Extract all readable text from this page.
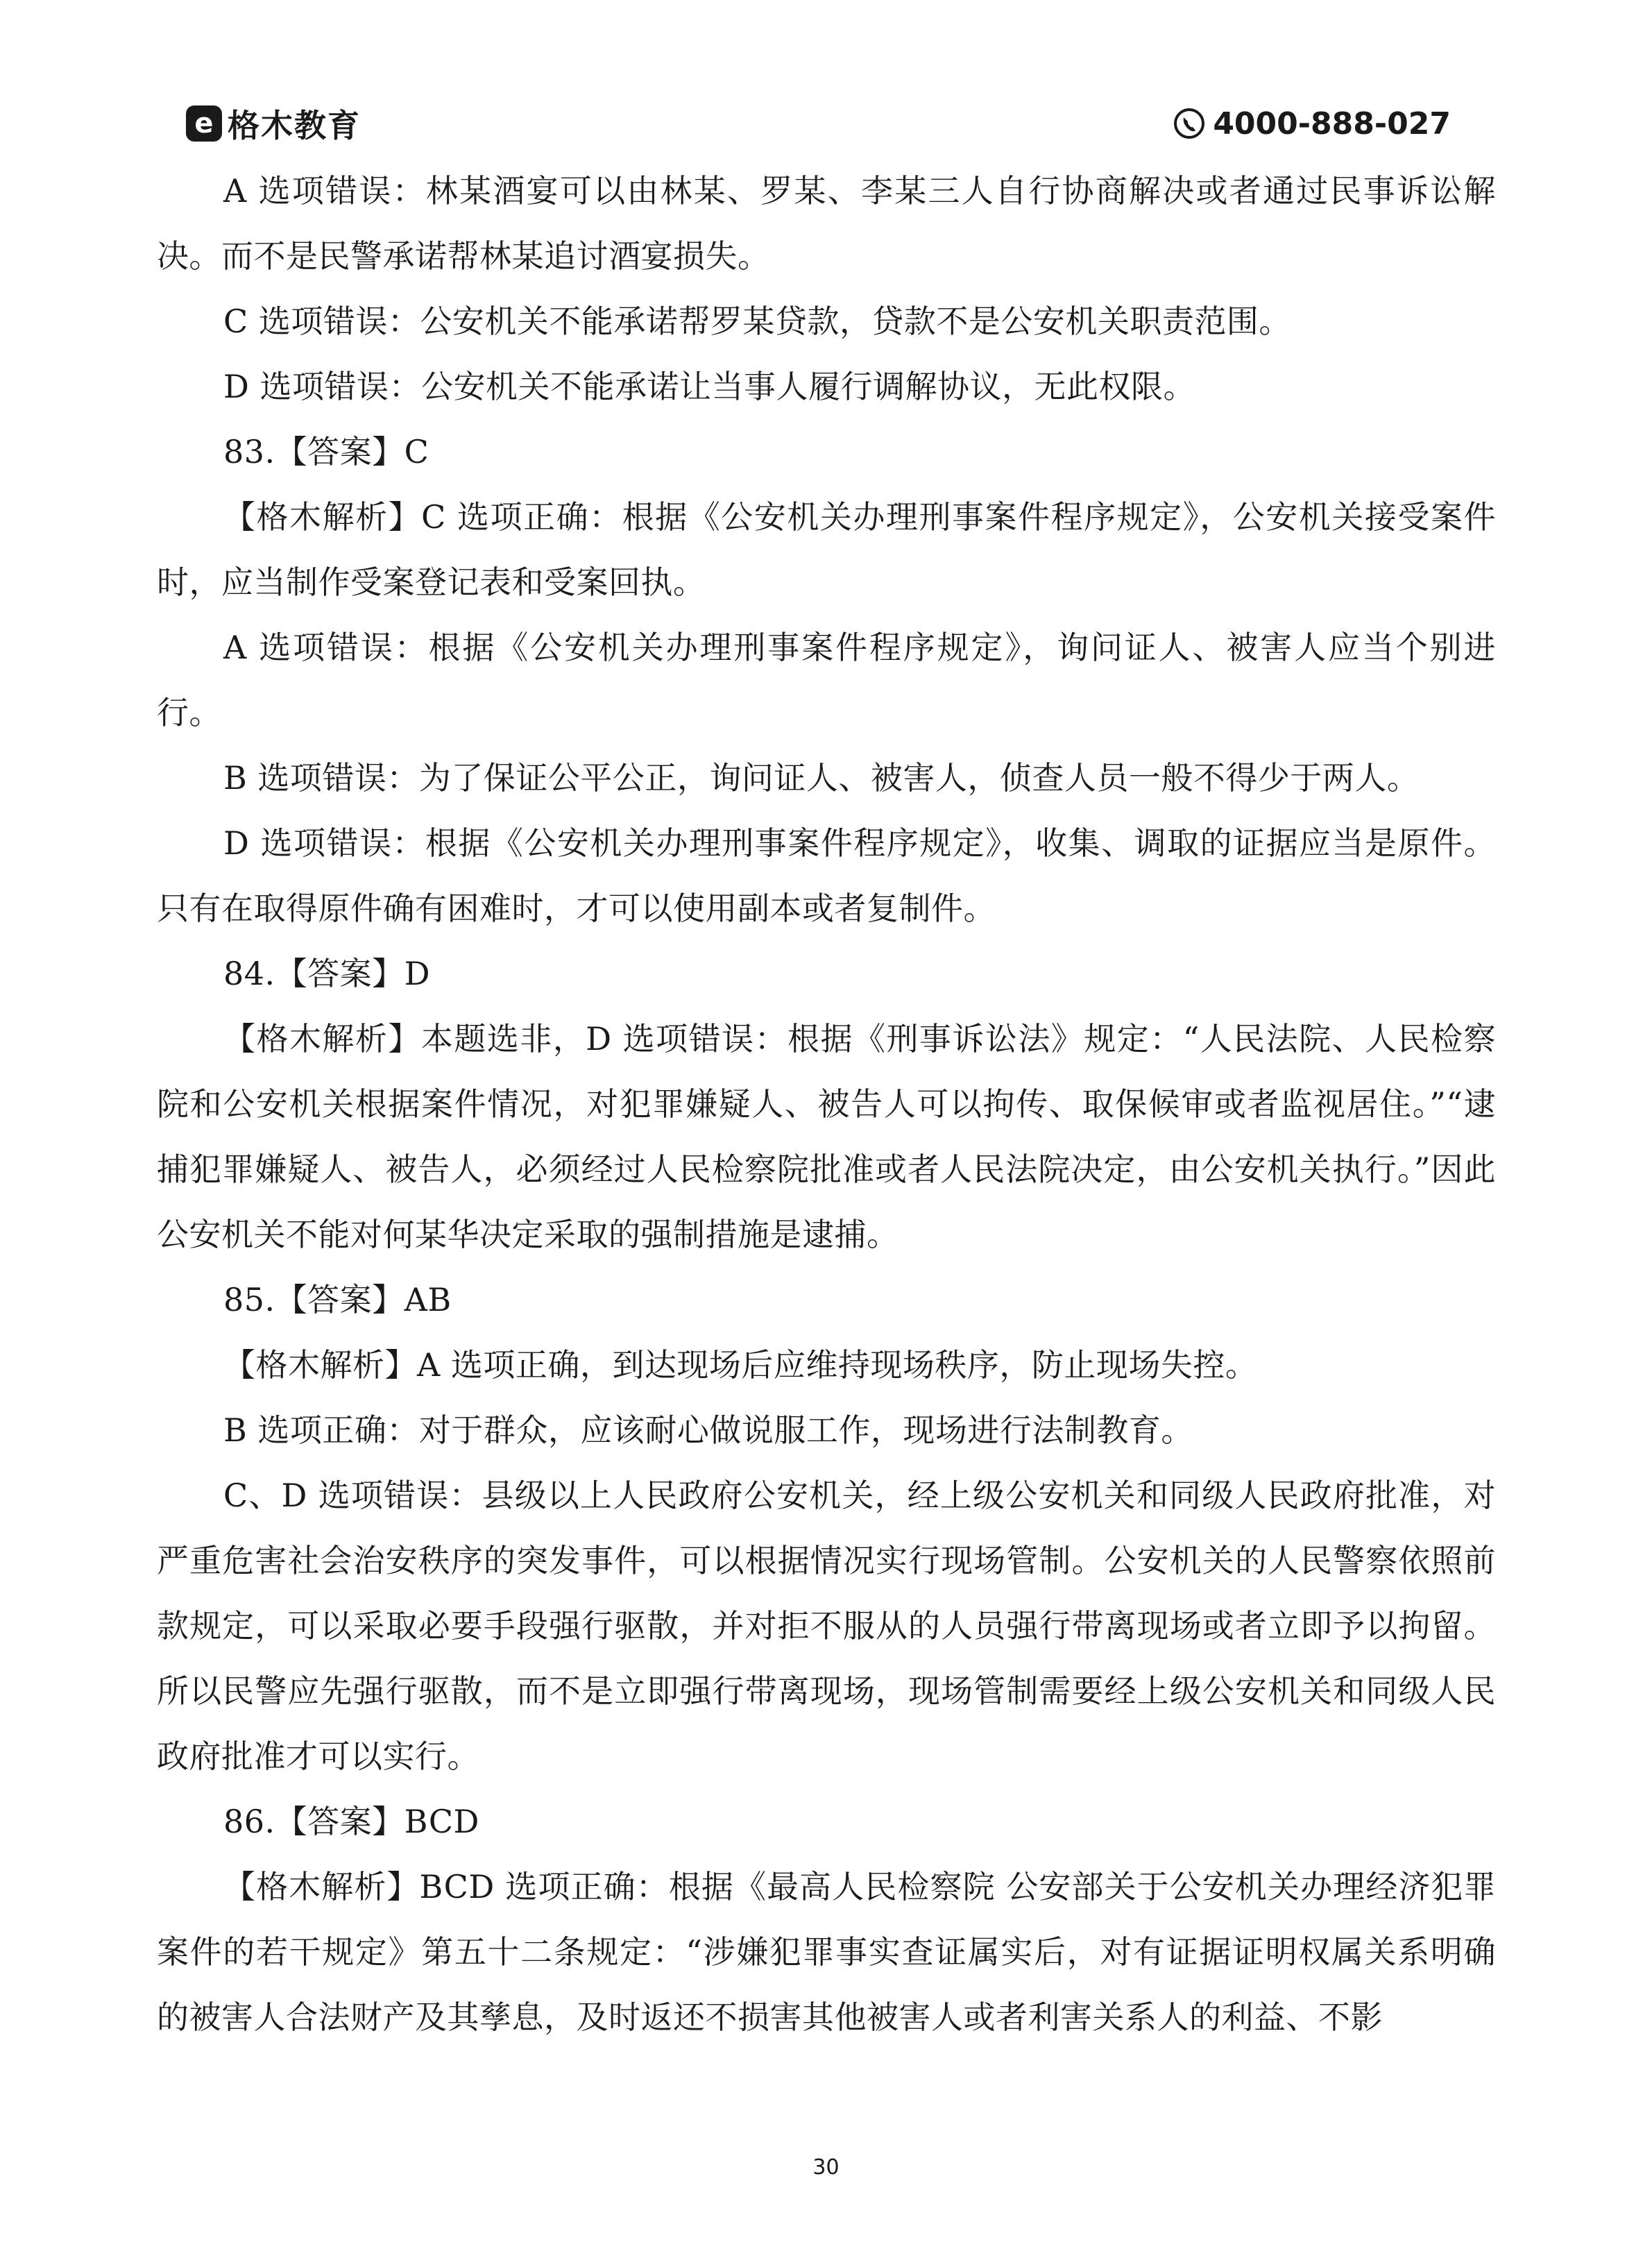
e 格木教育	4000-888-027

A 选项错误：林某酒宴可以由林某、罗某、李某三人自行协商解决或者通过民事诉讼解决。而不是民警承诺帮林某追讨酒宴损失。

C 选项错误：公安机关不能承诺帮罗某贷款，贷款不是公安机关职责范围。

D 选项错误：公安机关不能承诺让当事人履行调解协议，无此权限。

83.【答案】C

【格木解析】C 选项正确：根据《公安机关办理刑事案件程序规定》，公安机关接受案件时，应当制作受案登记表和受案回执。

A 选项错误：根据《公安机关办理刑事案件程序规定》，询问证人、被害人应当个别进行。

B 选项错误：为了保证公平公正，询问证人、被害人，侦查人员一般不得少于两人。

D 选项错误：根据《公安机关办理刑事案件程序规定》，收集、调取的证据应当是原件。只有在取得原件确有困难时，才可以使用副本或者复制件。

84.【答案】D

【格木解析】本题选非，D 选项错误：根据《刑事诉讼法》规定：“人民法院、人民检察院和公安机关根据案件情况，对犯罪嫌疑人、被告人可以拘传、取保候审或者监视居住。”“逮捕犯罪嫌疑人、被告人，必须经过人民检察院批准或者人民法院决定，由公安机关执行。”因此公安机关不能对何某华决定采取的强制措施是逮捕。

85.【答案】AB

【格木解析】A 选项正确，到达现场后应维持现场秩序，防止现场失控。

B 选项正确：对于群众，应该耐心做说服工作，现场进行法制教育。

C、D 选项错误：县级以上人民政府公安机关，经上级公安机关和同级人民政府批准，对严重危害社会治安秩序的突发事件，可以根据情况实行现场管制。公安机关的人民警察依照前款规定，可以采取必要手段强行驱散，并对拒不服从的人员强行带离现场或者立即予以拘留。所以民警应先强行驱散，而不是立即强行带离现场，现场管制需要经上级公安机关和同级人民政府批准才可以实行。

86.【答案】BCD

【格木解析】BCD 选项正确：根据《最高人民检察院 公安部关于公安机关办理经济犯罪案件的若干规定》第五十二条规定：“涉嫌犯罪事实查证属实后，对有证据证明权属关系明确的被害人合法财产及其孳息，及时返还不损害其他被害人或者利害关系人的利益、不影

30
